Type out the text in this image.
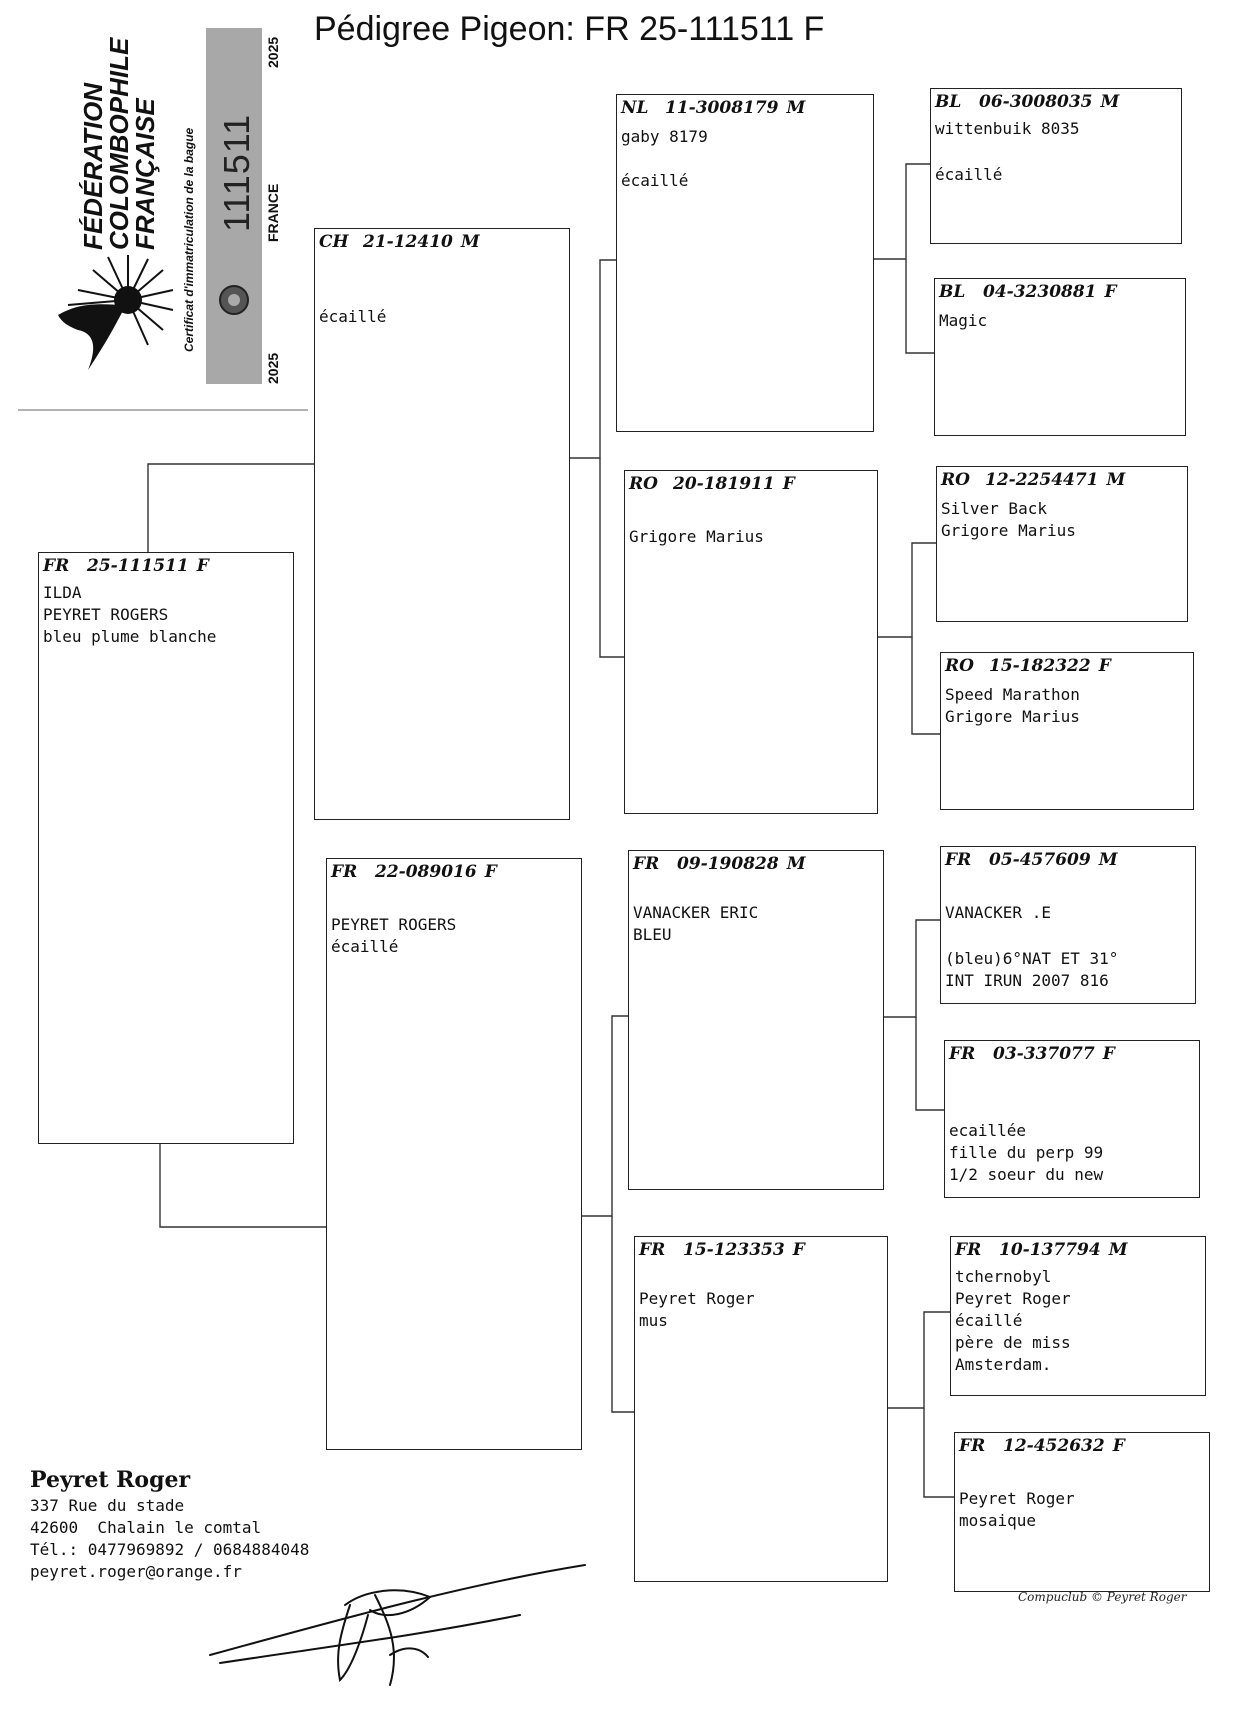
Pédigree Pigeon: FR 25-111511 F
FÉDÉRATION
COLOMBOPHILE
FRANÇAISE Certificat d'immatriculation de la bague 111511
2025
FRANCE
2025
FR 25-111511 F
ILDA
PEYRET ROGERS
bleu plume blanche
CH 21-12410 M
écaillé
FR 22-089016 F
PEYRET ROGERS
écaillé
NL 11-3008179 M
gaby 8179
écaillé
RO 20-181911 F
Grigore Marius
FR 09-190828 M
VANACKER ERIC
BLEU
FR 15-123353 F
Peyret Roger
mus
BL 06-3008035 M
wittenbuik 8035
écaillé
BL 04-3230881 F
Magic
RO 12-2254471 M
Silver Back
Grigore Marius
RO 15-182322 F
Speed Marathon
Grigore Marius
FR 05-457609 M
VANACKER .E
(bleu)6°NAT ET 31°
INT IRUN 2007 816
FR 03-337077 F
ecaillée
fille du perp 99
1/2 soeur du new
FR 10-137794 M
tchernobyl
Peyret Roger
écaillé
père de miss
Amsterdam.
FR 12-452632 F
Peyret Roger
mosaique
Peyret Roger
337 Rue du stade
42600  Chalain le comtal
Tél.: 0477969892 / 0684884048
peyret.roger@orange.fr
Compuclub © Peyret Roger
